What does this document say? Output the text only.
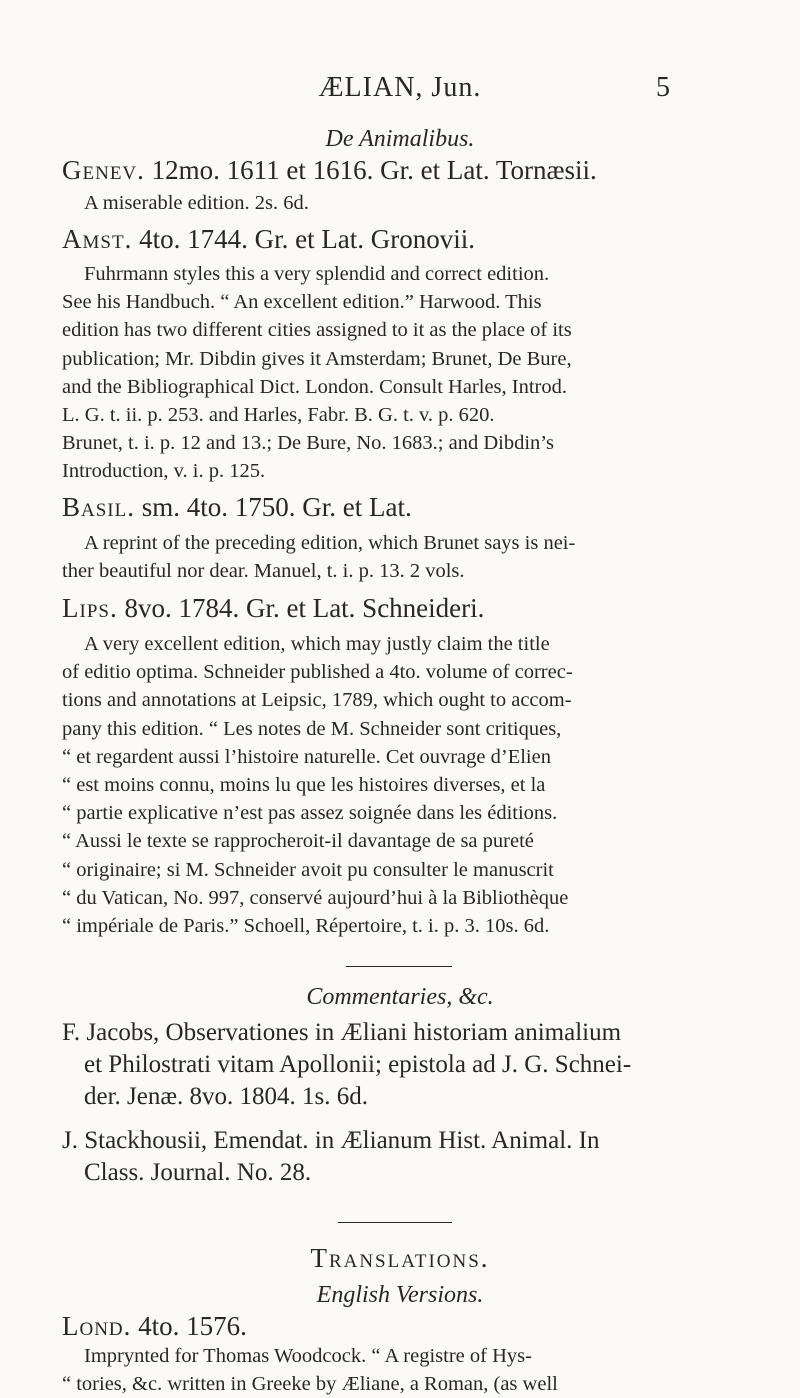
ÆLIAN, Jun.	5
De Animalibus.
Genev. 12mo. 1611 et 1616. Gr. et Lat. Tornæsii.
A miserable edition. 2s. 6d.
Amst. 4to. 1744. Gr. et Lat. Gronovii.
Fuhrmann styles this a very splendid and correct edition.
See his Handbuch. “ An excellent edition.” Harwood. This
edition has two different cities assigned to it as the place of its
publication; Mr. Dibdin gives it Amsterdam; Brunet, De Bure,
and the Bibliographical Dict. London. Consult Harles, Introd.
L. G. t. ii. p. 253. and Harles, Fabr. B. G. t. v. p. 620.
Brunet, t. i. p. 12 and 13.; De Bure, No. 1683.; and Dibdin’s
Introduction, v. i. p. 125.
Basil. sm. 4to. 1750. Gr. et Lat.
A reprint of the preceding edition, which Brunet says is nei-
ther beautiful nor dear. Manuel, t. i. p. 13. 2 vols.
Lips. 8vo. 1784. Gr. et Lat. Schneideri.
A very excellent edition, which may justly claim the title
of editio optima. Schneider published a 4to. volume of correc-
tions and annotations at Leipsic, 1789, which ought to accom-
pany this edition. “ Les notes de M. Schneider sont critiques,
“ et regardent aussi l’histoire naturelle. Cet ouvrage d’Elien
“ est moins connu, moins lu que les histoires diverses, et la
“ partie explicative n’est pas assez soignée dans les éditions.
“ Aussi le texte se rapprocheroit-il davantage de sa pureté
“ originaire; si M. Schneider avoit pu consulter le manuscrit
“ du Vatican, No. 997, conservé aujourd’hui à la Bibliothèque
“ impériale de Paris.” Schoell, Répertoire, t. i. p. 3. 10s. 6d.
Commentaries, &c.
F. Jacobs, Observationes in Æliani historiam animalium
et Philostrati vitam Apollonii; epistola ad J. G. Schnei-
der. Jenæ. 8vo. 1804. 1s. 6d.
J. Stackhousii, Emendat. in Ælianum Hist. Animal. In
Class. Journal. No. 28.
Translations.
English Versions.
Lond. 4to. 1576.
Imprynted for Thomas Woodcock. “ A registre of Hys-
“ tories, &c. written in Greeke by Æliane, a Roman, (as well
